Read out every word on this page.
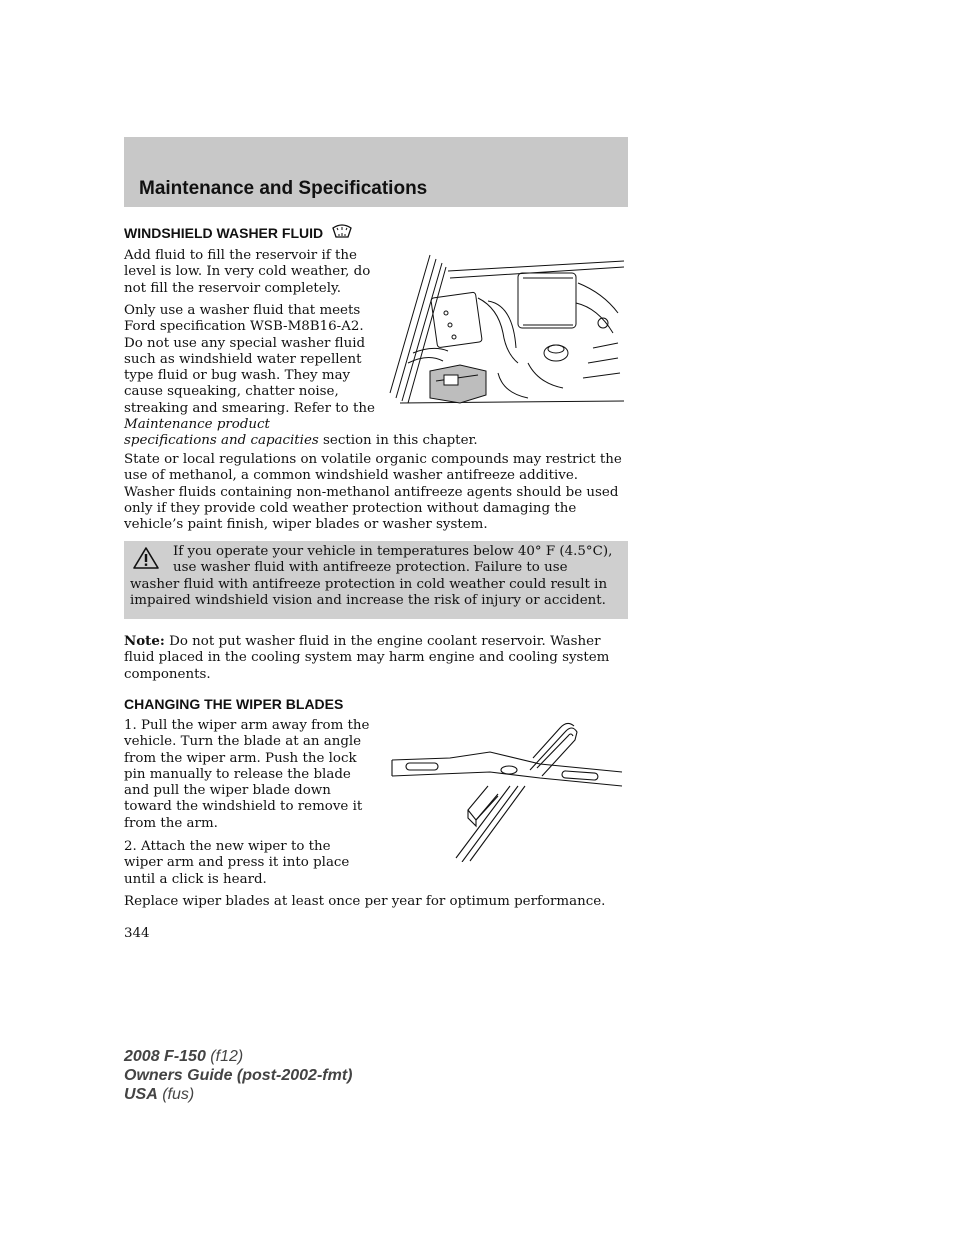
Maintenance and Specifications
WINDSHIELD WASHER FLUID

Add fluid to fill the reservoir if the level is low. In very cold weather, do not fill the reservoir completely.

Only use a washer fluid that meets
Ford specification WSB-M8B16-A2.
Do not use any special washer fluid
such as windshield water repellent
type fluid or bug wash. They may
cause squeaking, chatter noise,
streaking and smearing. Refer to the
Maintenance product
specifications and capacities section in this chapter.

State or local regulations on volatile organic compounds may restrict the use of methanol, a common windshield washer antifreeze additive. Washer fluids containing non-methanol antifreeze agents should be used only if they provide cold weather protection without damaging the vehicle’s paint finish, wiper blades or washer system.

If you operate your vehicle in temperatures below 40° F (4.5°C),
use washer fluid with antifreeze protection. Failure to use
washer fluid with antifreeze protection in cold weather could result in impaired windshield vision and increase the risk of injury or accident.
Note: Do not put washer fluid in the engine coolant reservoir. Washer fluid placed in the cooling system may harm engine and cooling system components.
CHANGING THE WIPER BLADES
1. Pull the wiper arm away from the
vehicle. Turn the blade at an angle
from the wiper arm. Push the lock
pin manually to release the blade
and pull the wiper blade down
toward the windshield to remove it
from the arm.
2. Attach the new wiper to the
wiper arm and press it into place
until a click is heard.
Replace wiper blades at least once per year for optimum performance.
344
2008 F-150 (f12)
Owners Guide (post-2002-fmt)
USA (fus)
